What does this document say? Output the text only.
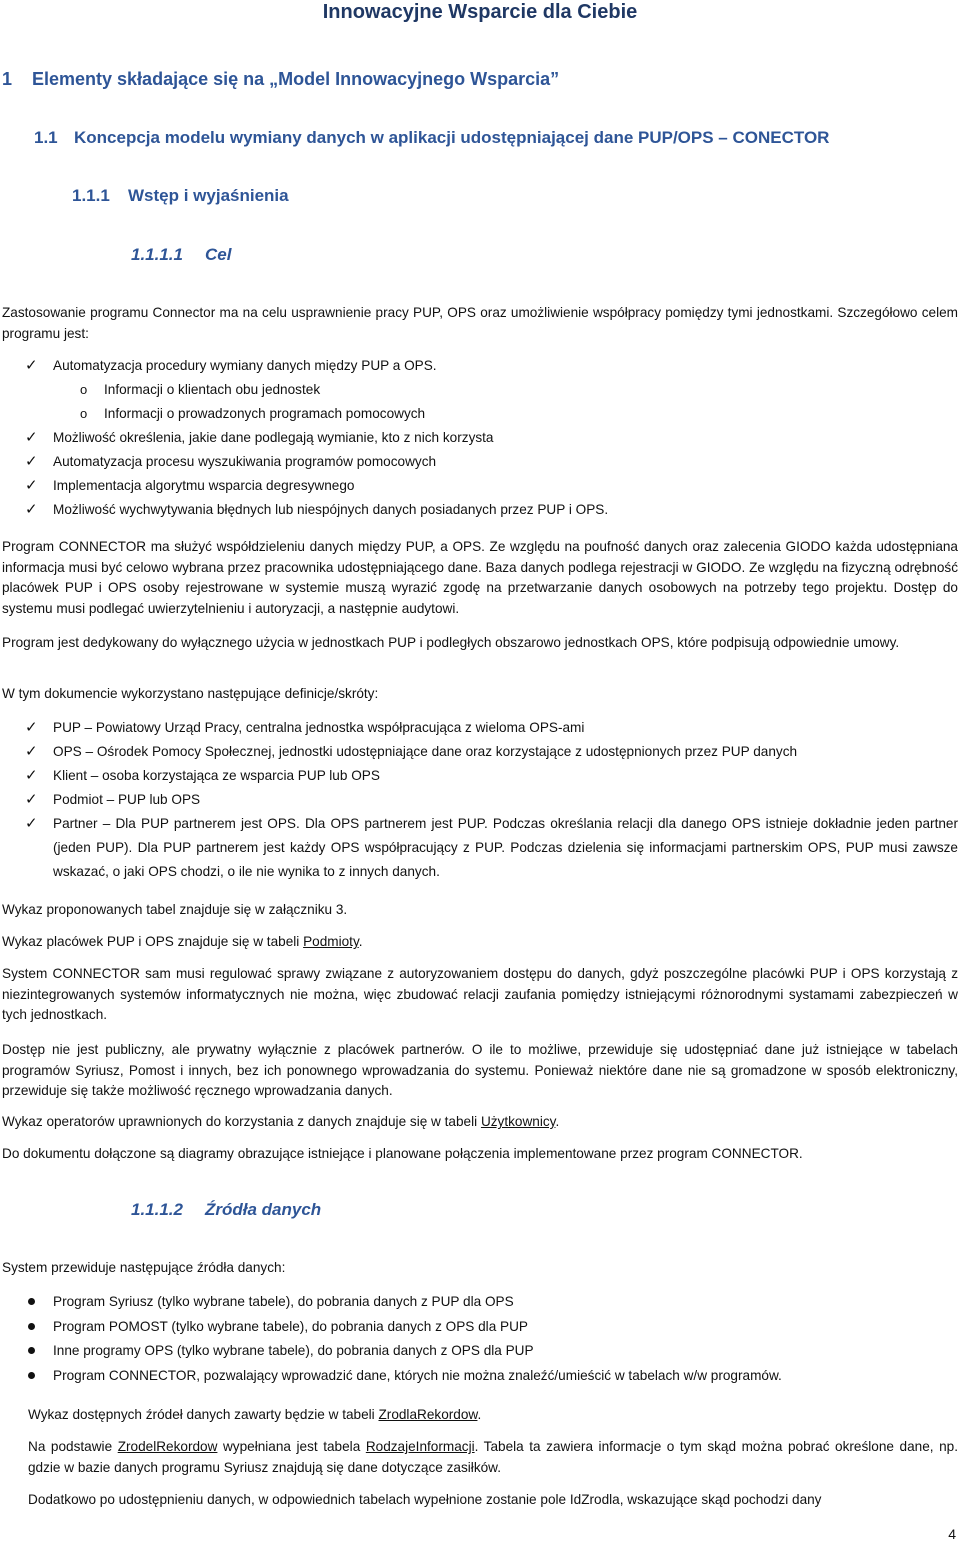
Innowacyjne Wsparcie dla Ciebie
1 Elementy składające się na „Model Innowacyjnego Wsparcia”
1.1 Koncepcja modelu wymiany danych w aplikacji udostępniającej dane PUP/OPS – CONECTOR
1.1.1 Wstęp i wyjaśnienia
1.1.1.1 Cel
Zastosowanie programu Connector ma na celu usprawnienie pracy PUP, OPS oraz umożliwienie współpracy pomiędzy tymi jednostkami. Szczegółowo celem programu jest:
✓ Automatyzacja procedury wymiany danych między PUP a OPS.
o Informacji o klientach obu jednostek
o Informacji o prowadzonych programach pomocowych
✓ Możliwość określenia, jakie dane podlegają wymianie, kto z nich korzysta
✓ Automatyzacja procesu wyszukiwania programów pomocowych
✓ Implementacja algorytmu wsparcia degresywnego
✓ Możliwość wychwytywania błędnych lub niespójnych danych posiadanych przez PUP i OPS.
Program CONNECTOR ma służyć współdzieleniu danych między PUP, a OPS. Ze względu na poufność danych oraz zalecenia GIODO każda udostępniana informacja musi być celowo wybrana przez pracownika udostępniającego dane. Baza danych podlega rejestracji w GIODO. Ze względu na fizyczną odrębność placówek PUP i OPS osoby rejestrowane w systemie muszą wyrazić zgodę na przetwarzanie danych osobowych na potrzeby tego projektu. Dostęp do systemu musi podlegać uwierzytelnieniu i autoryzacji, a następnie audytowi.
Program jest dedykowany do wyłącznego użycia w jednostkach PUP i podległych obszarowo jednostkach OPS, które podpisują odpowiednie umowy.
W tym dokumencie wykorzystano następujące definicje/skróty:
✓ PUP – Powiatowy Urząd Pracy, centralna jednostka współpracująca z wieloma OPS-ami
✓ OPS – Ośrodek Pomocy Społecznej, jednostki udostępniające dane oraz korzystające z udostępnionych przez PUP danych
✓ Klient – osoba korzystająca ze wsparcia PUP lub OPS
✓ Podmiot – PUP lub OPS
✓ Partner – Dla PUP partnerem jest OPS. Dla OPS partnerem jest PUP. Podczas określania relacji dla danego OPS istnieje dokładnie jeden partner (jeden PUP). Dla PUP partnerem jest każdy OPS współpracujący z PUP. Podczas dzielenia się informacjami partnerskim OPS, PUP musi zawsze wskazać, o jaki OPS chodzi, o ile nie wynika to z innych danych.
Wykaz proponowanych tabel znajduje się w załączniku 3.
Wykaz placówek PUP i OPS znajduje się w tabeli Podmioty.
System CONNECTOR sam musi regulować sprawy związane z autoryzowaniem dostępu do danych, gdyż poszczególne placówki PUP i OPS korzystają z niezintegrowanych systemów informatycznych nie można, więc zbudować relacji zaufania pomiędzy istniejącymi różnorodnymi systamami zabezpieczeń w tych jednostkach.
Dostęp nie jest publiczny, ale prywatny wyłącznie z placówek partnerów. O ile to możliwe, przewiduje się udostępniać dane już istniejące w tabelach programów Syriusz, Pomost i innych, bez ich ponownego wprowadzania do systemu. Ponieważ niektóre dane nie są gromadzone w sposób elektroniczny, przewiduje się także możliwość ręcznego wprowadzania danych.
Wykaz operatorów uprawnionych do korzystania z danych znajduje się w tabeli Użytkownicy.
Do dokumentu dołączone są diagramy obrazujące istniejące i planowane połączenia implementowane przez program CONNECTOR.
1.1.1.2 Źródła danych
System przewiduje następujące źródła danych:
Program Syriusz (tylko wybrane tabele), do pobrania danych z PUP dla OPS
Program POMOST (tylko wybrane tabele), do pobrania danych z OPS dla PUP
Inne programy OPS (tylko wybrane tabele), do pobrania danych z OPS dla PUP
Program CONNECTOR, pozwalający wprowadzić dane, których nie można znaleźć/umieścić w tabelach w/w programów.
Wykaz dostępnych źródeł danych zawarty będzie w tabeli ZrodlaRekordow.
Na podstawie ZrodelRekordow wypełniana jest tabela RodzajeInformacji. Tabela ta zawiera informacje o tym skąd można pobrać określone dane, np. gdzie w bazie danych programu Syriusz znajdują się dane dotyczące zasiłków.
Dodatkowo po udostępnieniu danych, w odpowiednich tabelach wypełnione zostanie pole IdZrodla, wskazujące skąd pochodzi dany
4
